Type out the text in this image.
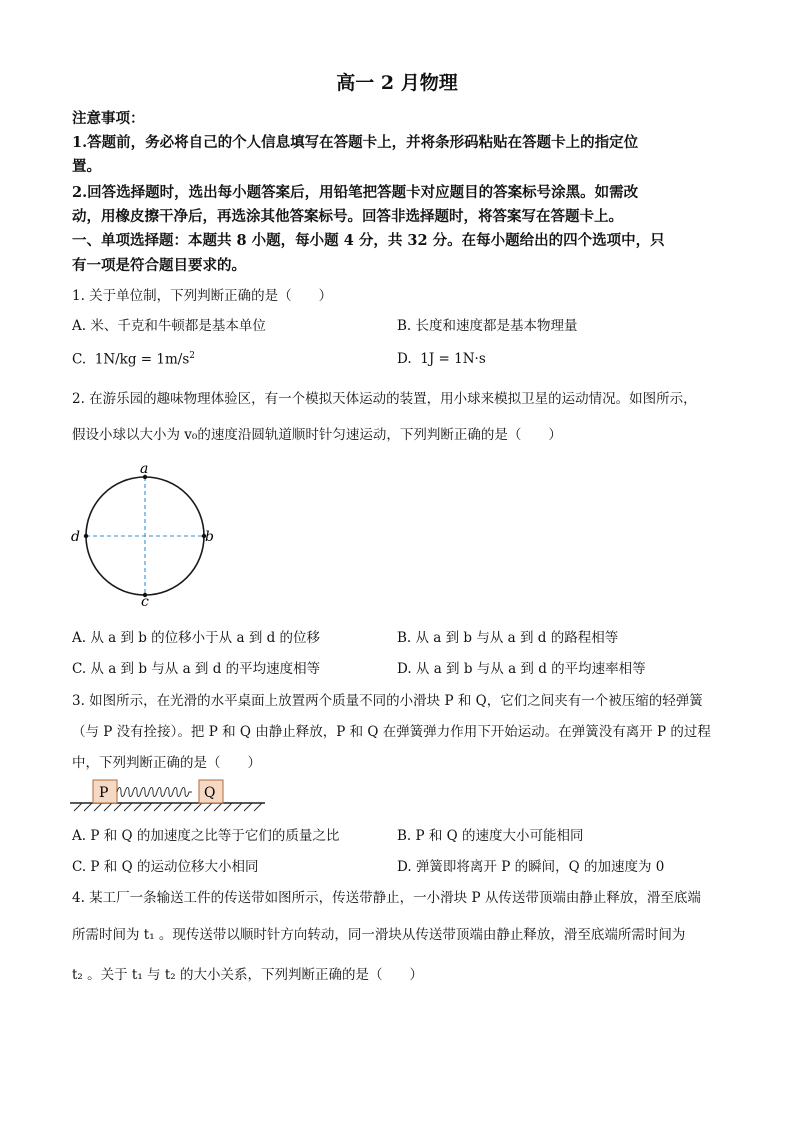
高一 2 月物理
注意事项：
1.答题前，务必将自己的个人信息填写在答题卡上，并将条形码粘贴在答题卡上的指定位
置。
2.回答选择题时，选出每小题答案后，用铅笔把答题卡对应题目的答案标号涂黑。如需改
动，用橡皮擦干净后，再选涂其他答案标号。回答非选择题时，将答案写在答题卡上。
一、单项选择题：本题共 8 小题，每小题 4 分，共 32 分。在每小题给出的四个选项中，只
有一项是符合题目要求的。
1. 关于单位制，下列判断正确的是（　　）
A. 米、千克和牛顿都是基本单位	B. 长度和速度都是基本物理量
C. $1N/kg = 1m/s^2$	D. 1J = 1N·s
2. 在游乐园的趣味物理体验区，有一个模拟天体运动的装置，用小球来模拟卫星的运动情况。如图所示，
假设小球以大小为 v₀的速度沿圆轨道顺时针匀速运动，下列判断正确的是（　　）
a
b
c
d
A. 从 a 到 b 的位移小于从 a 到 d 的位移	B. 从 a 到 b 与从 a 到 d 的路程相等
C. 从 a 到 b 与从 a 到 d 的平均速度相等	D. 从 a 到 b 与从 a 到 d 的平均速率相等
3. 如图所示，在光滑的水平桌面上放置两个质量不同的小滑块 P 和 Q，它们之间夹有一个被压缩的轻弹簧
（与 P 没有拴接）。把 P 和 Q 由静止释放，P 和 Q 在弹簧弹力作用下开始运动。在弹簧没有离开 P 的过程
中，下列判断正确的是（　　）
P	Q
A. P 和 Q 的加速度之比等于它们的质量之比	B. P 和 Q 的速度大小可能相同
C. P 和 Q 的运动位移大小相同	D. 弹簧即将离开 P 的瞬间，Q 的加速度为 0
4. 某工厂一条输送工件的传送带如图所示，传送带静止，一小滑块 P 从传送带顶端由静止释放，滑至底端
所需时间为 t₁ 。现传送带以顺时针方向转动，同一滑块从传送带顶端由静止释放，滑至底端所需时间为
t₂ 。关于 t₁ 与 t₂ 的大小关系，下列判断正确的是（　　）
